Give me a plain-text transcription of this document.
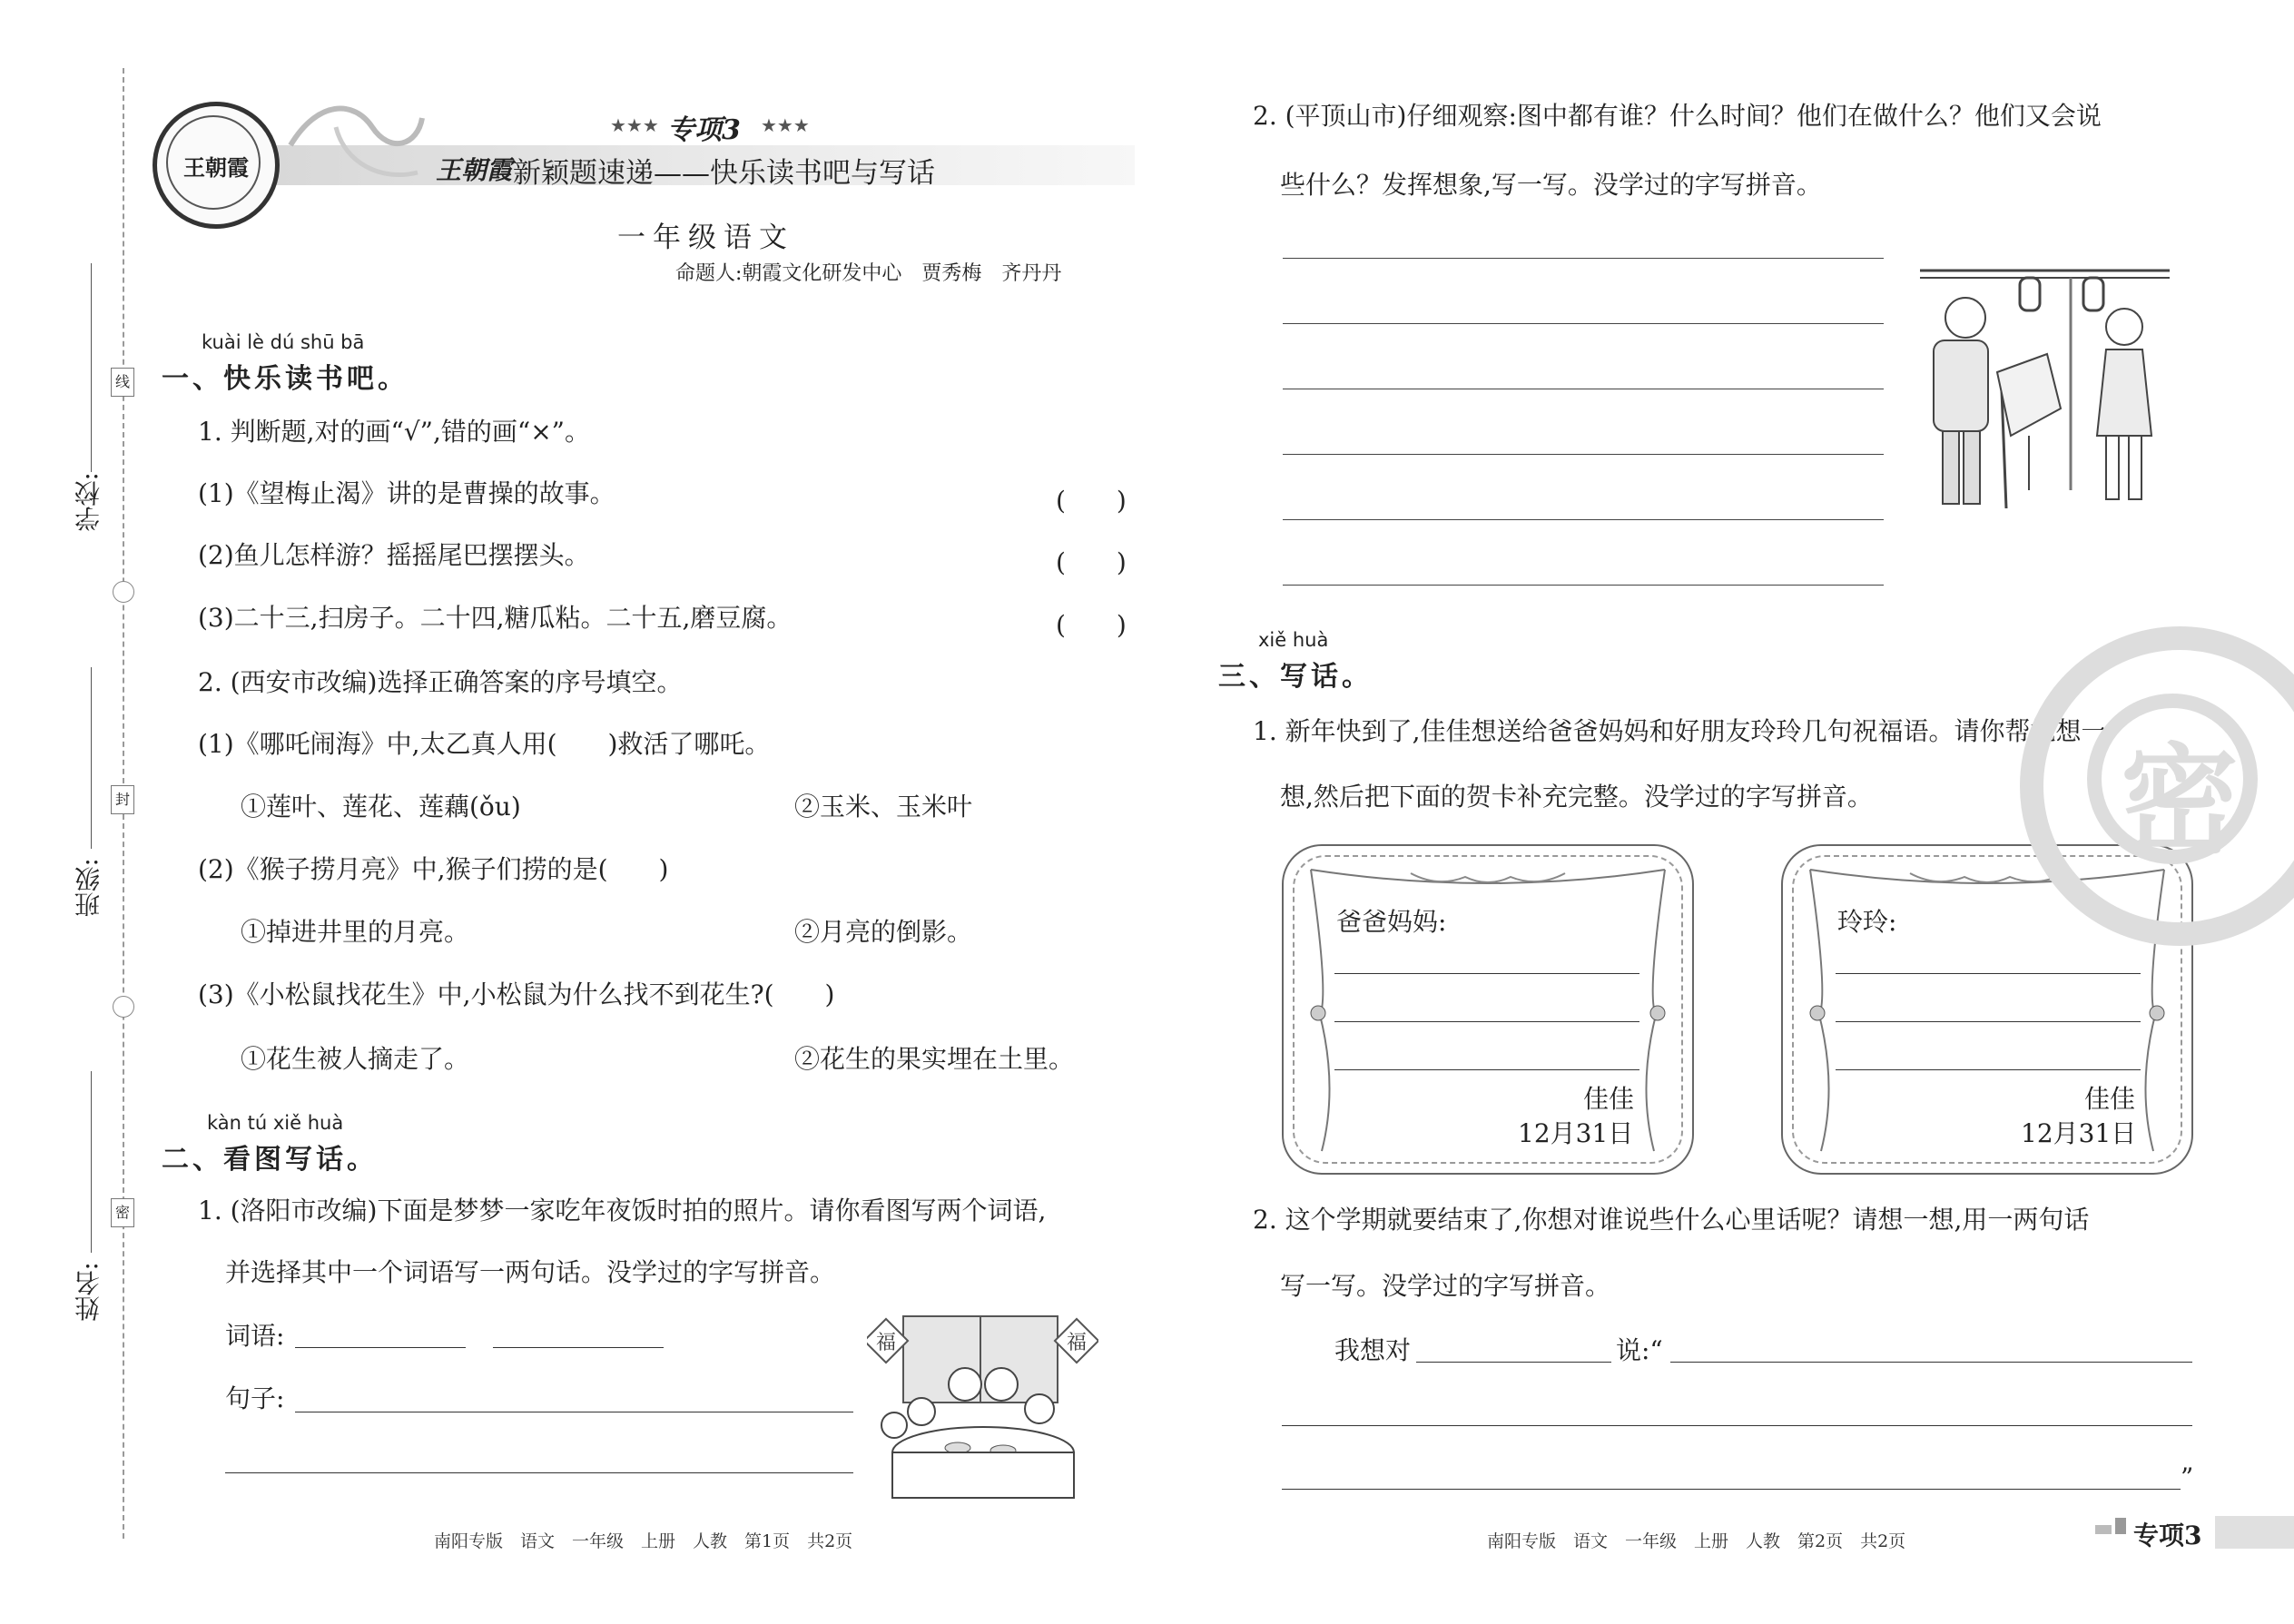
学校:
班级:
姓名:
线
封
密
王朝霞
★★★ 专项3 ★★★
王朝霞 新颖题速递——快乐读书吧与写话
一年级语文
命题人:朝霞文化研发中心　贾秀梅　齐丹丹
kuài lè dú shū bā
一、快乐读书吧。
1. 判断题,对的画“√”,错的画“×”。
(1)《望梅止渴》讲的是曹操的故事。	(　　)
(2)鱼儿怎样游？摇摇尾巴摆摆头。	(　　)
(3)二十三,扫房子。二十四,糖瓜粘。二十五,磨豆腐。	(　　)
2. (西安市改编)选择正确答案的序号填空。
(1)《哪吒闹海》中,太乙真人用(　　)救活了哪吒。
①莲叶、莲花、莲藕(ǒu)	②玉米、玉米叶
(2)《猴子捞月亮》中,猴子们捞的是(　　)
①掉进井里的月亮。	②月亮的倒影。
(3)《小松鼠找花生》中,小松鼠为什么找不到花生?(　　)
①花生被人摘走了。	②花生的果实埋在土里。
kàn tú xiě huà
二、看图写话。
1. (洛阳市改编)下面是梦梦一家吃年夜饭时拍的照片。请你看图写两个词语,
并选择其中一个词语写一两句话。没学过的字写拼音。
词语:
句子:
福	福
2. (平顶山市)仔细观察:图中都有谁？什么时间？他们在做什么？他们又会说
些什么？发挥想象,写一写。没学过的字写拼音。
xiě huà
三、写话。
1. 新年快到了,佳佳想送给爸爸妈妈和好朋友玲玲几句祝福语。请你帮她想一
想,然后把下面的贺卡补充完整。没学过的字写拼音。
爸爸妈妈:
佳佳
12月31日
玲玲:
佳佳
12月31日
2. 这个学期就要结束了,你想对谁说些什么心里话呢？请想一想,用一两句话
写一写。没学过的字写拼音。
我想对	说:“
”
密
南阳专版　语文　一年级　上册　人教　第1页　共2页	南阳专版　语文　一年级　上册　人教　第2页　共2页	专项3
